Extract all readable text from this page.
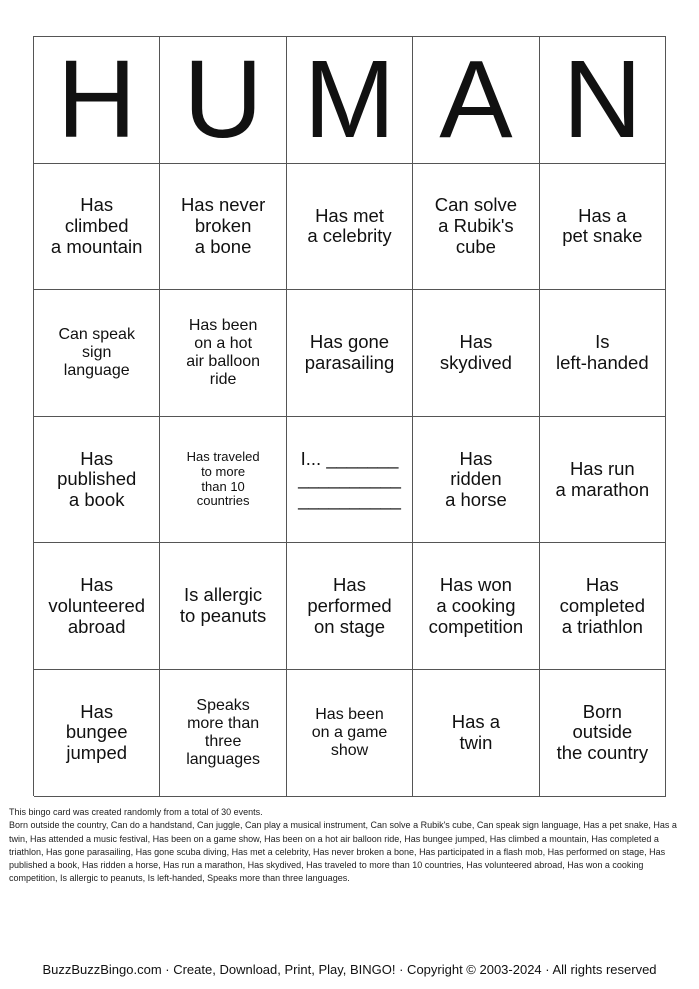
H U M A N
Has
climbed
a mountain
Has never
broken
a bone
Has met
a celebrity
Can solve
a Rubik's
cube
Has a
pet snake
Can speak
sign
language
Has been
on a hot
air balloon
ride
Has gone
parasailing
Has
skydived
Is
left-handed
Has
published
a book
Has traveled
to more
than 10
countries
I... _______
__________
__________
Has
ridden
a horse
Has run
a marathon
Has
volunteered
abroad
Is allergic
to peanuts
Has
performed
on stage
Has won
a cooking
competition
Has
completed
a triathlon
Has
bungee
jumped
Speaks
more than
three
languages
Has been
on a game
show
Has a
twin
Born
outside
the country
This bingo card was created randomly from a total of 30 events.
Born outside the country, Can do a handstand, Can juggle, Can play a musical instrument, Can solve a Rubik's cube, Can speak sign language, Has a pet snake, Has a twin, Has attended a music festival, Has been on a game show, Has been on a hot air balloon ride, Has bungee jumped, Has climbed a mountain, Has completed a triathlon, Has gone parasailing, Has gone scuba diving, Has met a celebrity, Has never broken a bone, Has participated in a flash mob, Has performed on stage, Has published a book, Has ridden a horse, Has run a marathon, Has skydived, Has traveled to more than 10 countries, Has volunteered abroad, Has won a cooking competition, Is allergic to peanuts, Is left-handed, Speaks more than three languages.
BuzzBuzzBingo.com · Create, Download, Print, Play, BINGO! · Copyright © 2003-2024 · All rights reserved
